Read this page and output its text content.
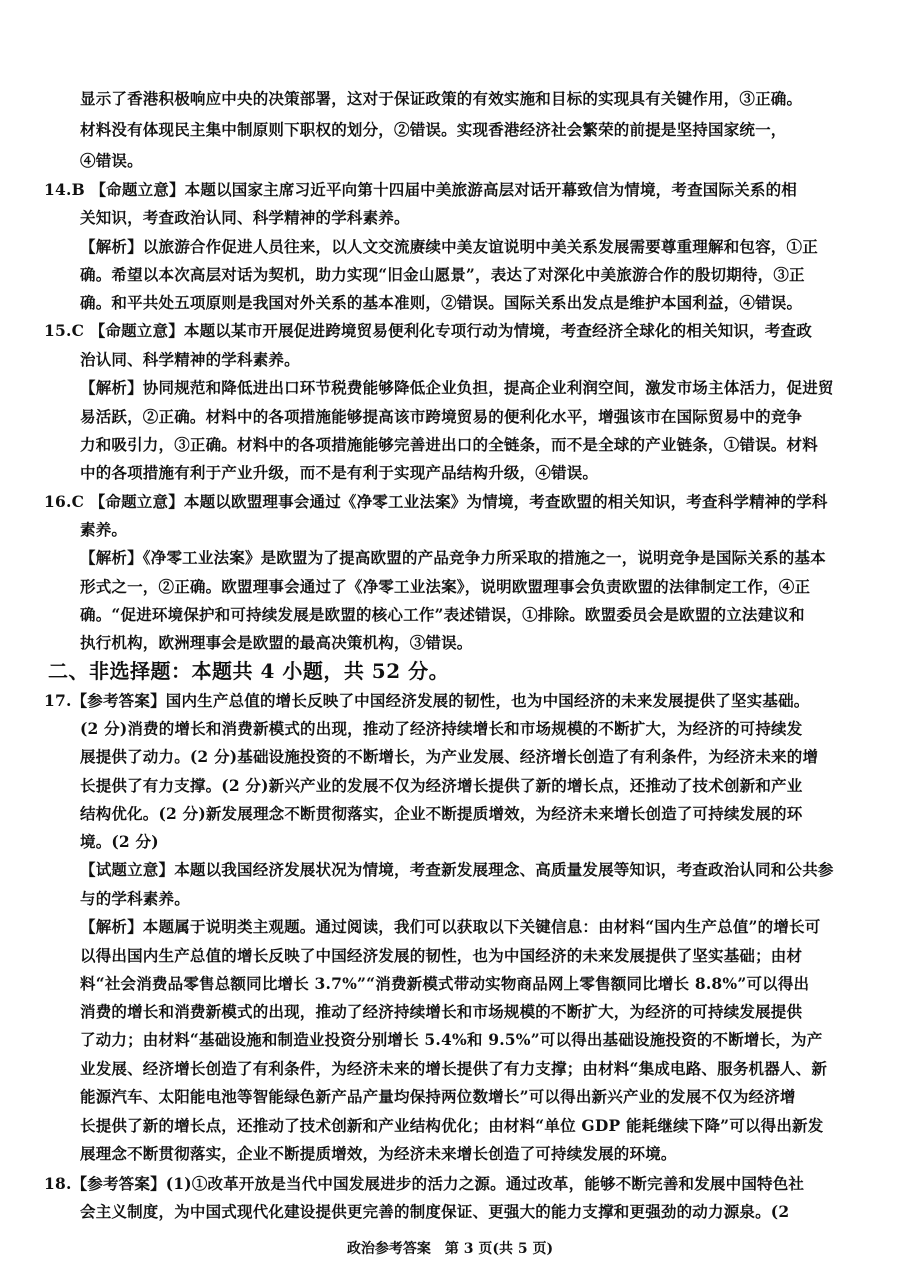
显示了香港积极响应中央的决策部署，这对于保证政策的有效实施和目标的实现具有关键作用，③正确。
材料没有体现民主集中制原则下职权的划分，②错误。实现香港经济社会繁荣的前提是坚持国家统一，
④错误。
14.B 【命题立意】本题以国家主席习近平向第十四届中美旅游高层对话开幕致信为情境，考查国际关系的相
关知识，考查政治认同、科学精神的学科素养。
【解析】以旅游合作促进人员往来，以人文交流赓续中美友谊说明中美关系发展需要尊重理解和包容，①正
确。希望以本次高层对话为契机，助力实现“旧金山愿景”，表达了对深化中美旅游合作的殷切期待，③正
确。和平共处五项原则是我国对外关系的基本准则，②错误。国际关系出发点是维护本国利益，④错误。
15.C 【命题立意】本题以某市开展促进跨境贸易便利化专项行动为情境，考查经济全球化的相关知识，考查政
治认同、科学精神的学科素养。
【解析】协同规范和降低进出口环节税费能够降低企业负担，提高企业利润空间，激发市场主体活力，促进贸
易活跃，②正确。材料中的各项措施能够提高该市跨境贸易的便利化水平，增强该市在国际贸易中的竞争
力和吸引力，③正确。材料中的各项措施能够完善进出口的全链条，而不是全球的产业链条，①错误。材料
中的各项措施有利于产业升级，而不是有利于实现产品结构升级，④错误。
16.C 【命题立意】本题以欧盟理事会通过《净零工业法案》为情境，考查欧盟的相关知识，考查科学精神的学科
素养。
【解析】《净零工业法案》是欧盟为了提高欧盟的产品竞争力所采取的措施之一，说明竞争是国际关系的基本
形式之一，②正确。欧盟理事会通过了《净零工业法案》，说明欧盟理事会负责欧盟的法律制定工作，④正
确。“促进环境保护和可持续发展是欧盟的核心工作”表述错误，①排除。欧盟委员会是欧盟的立法建议和
执行机构，欧洲理事会是欧盟的最高决策机构，③错误。
二、非选择题：本题共 4 小题，共 52 分。
17.【参考答案】国内生产总值的增长反映了中国经济发展的韧性，也为中国经济的未来发展提供了坚实基础。
(2 分)消费的增长和消费新模式的出现，推动了经济持续增长和市场规模的不断扩大，为经济的可持续发
展提供了动力。(2 分)基础设施投资的不断增长，为产业发展、经济增长创造了有利条件，为经济未来的增
长提供了有力支撑。(2 分)新兴产业的发展不仅为经济增长提供了新的增长点，还推动了技术创新和产业
结构优化。(2 分)新发展理念不断贯彻落实，企业不断提质增效，为经济未来增长创造了可持续发展的环
境。(2 分)
【试题立意】本题以我国经济发展状况为情境，考查新发展理念、高质量发展等知识，考查政治认同和公共参
与的学科素养。
【解析】本题属于说明类主观题。通过阅读，我们可以获取以下关键信息：由材料“国内生产总值”的增长可
以得出国内生产总值的增长反映了中国经济发展的韧性，也为中国经济的未来发展提供了坚实基础；由材
料“社会消费品零售总额同比增长 3.7%”“消费新模式带动实物商品网上零售额同比增长 8.8%”可以得出
消费的增长和消费新模式的出现，推动了经济持续增长和市场规模的不断扩大，为经济的可持续发展提供
了动力；由材料“基础设施和制造业投资分别增长 5.4%和 9.5%”可以得出基础设施投资的不断增长，为产
业发展、经济增长创造了有利条件，为经济未来的增长提供了有力支撑；由材料“集成电路、服务机器人、新
能源汽车、太阳能电池等智能绿色新产品产量均保持两位数增长”可以得出新兴产业的发展不仅为经济增
长提供了新的增长点，还推动了技术创新和产业结构优化；由材料“单位 GDP 能耗继续下降”可以得出新发
展理念不断贯彻落实，企业不断提质增效，为经济未来增长创造了可持续发展的环境。
18.【参考答案】(1)①改革开放是当代中国发展进步的活力之源。通过改革，能够不断完善和发展中国特色社
会主义制度，为中国式现代化建设提供更完善的制度保证、更强大的能力支撑和更强劲的动力源泉。(2
政治参考答案　第 3 页(共 5 页)
